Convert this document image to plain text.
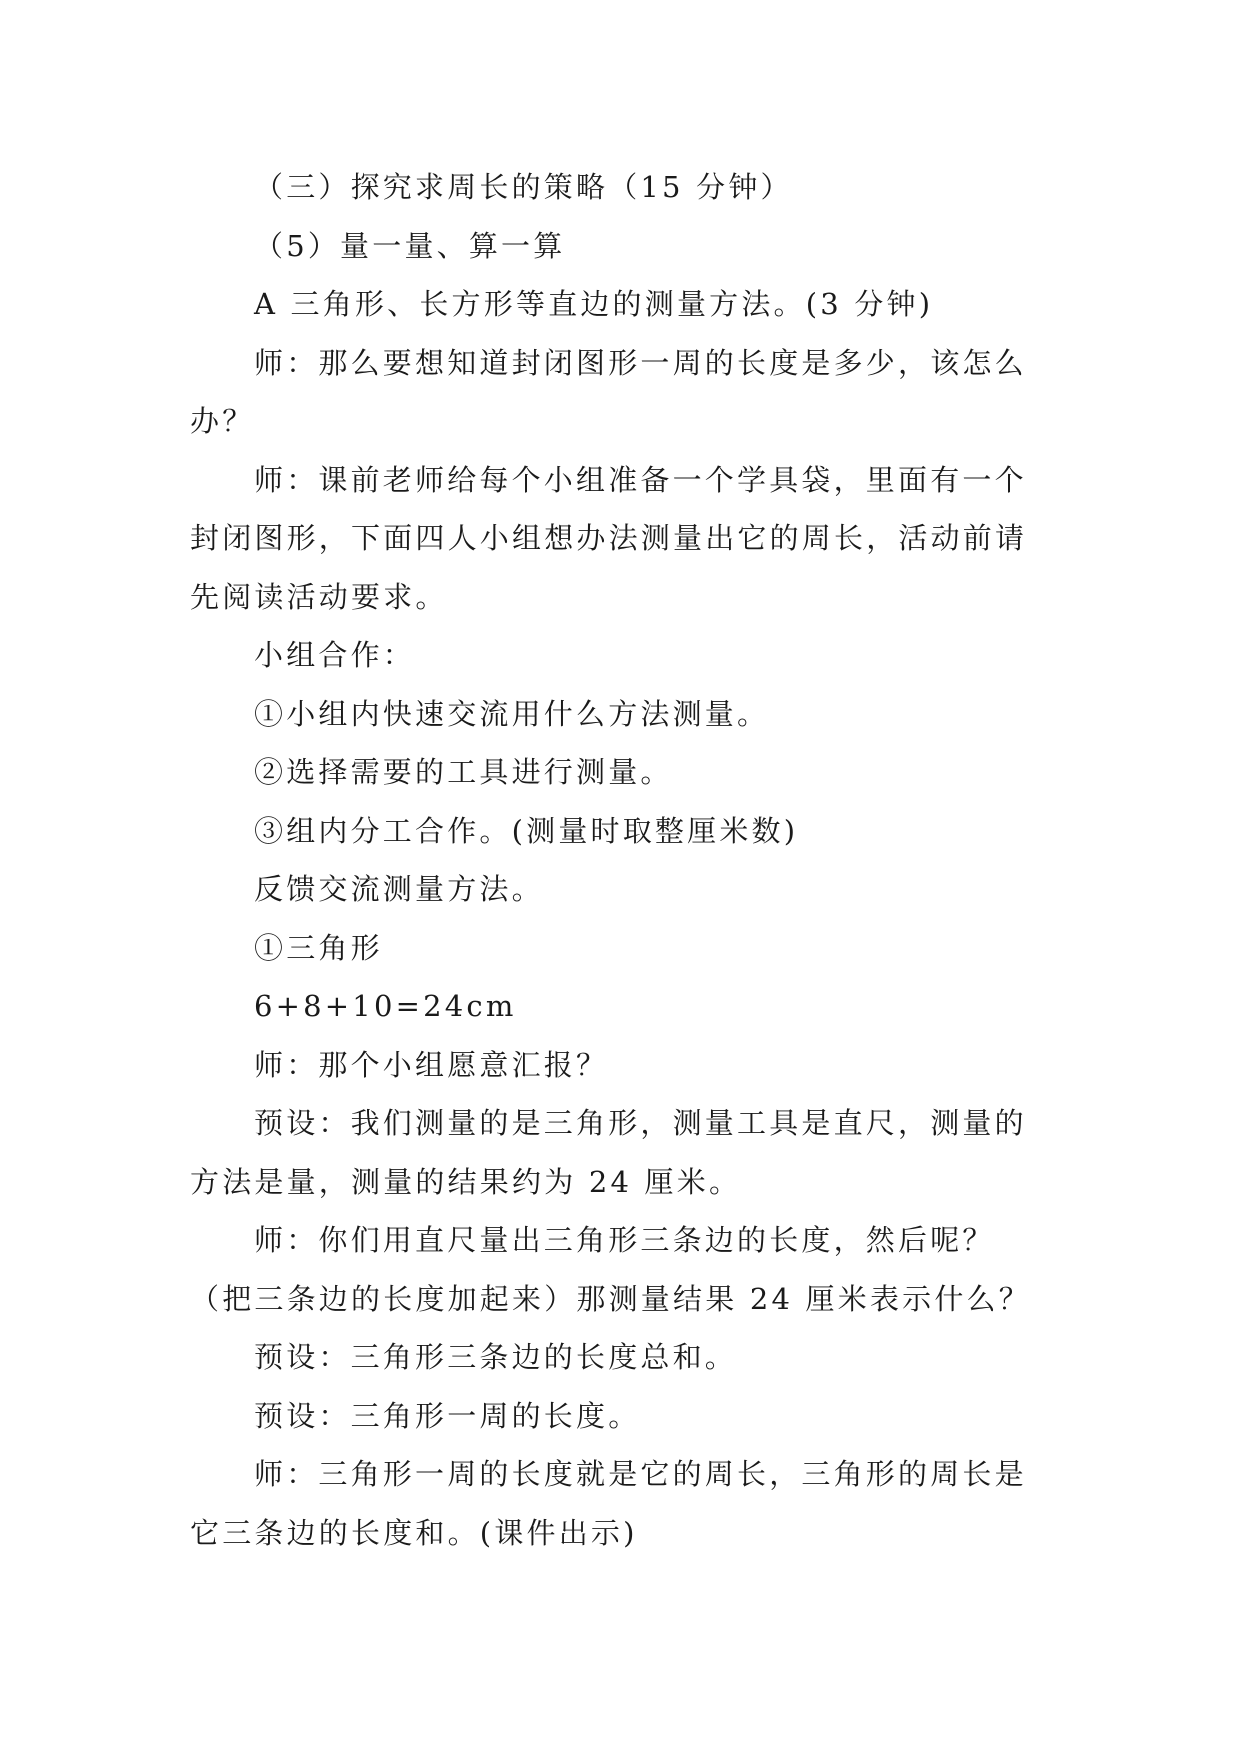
（三）探究求周长的策略（15 分钟）

（5）量一量、算一算

A 三角形、长方形等直边的测量方法。(3 分钟)

师：那么要想知道封闭图形一周的长度是多少，该怎么

办？

师：课前老师给每个小组准备一个学具袋，里面有一个

封闭图形，下面四人小组想办法测量出它的周长，活动前请

先阅读活动要求。

小组合作：

①小组内快速交流用什么方法测量。

②选择需要的工具进行测量。

③组内分工合作。(测量时取整厘米数)

反馈交流测量方法。

①三角形

6+8+10=24cm

师：那个小组愿意汇报？

预设：我们测量的是三角形，测量工具是直尺，测量的

方法是量，测量的结果约为 24 厘米。

师：你们用直尺量出三角形三条边的长度，然后呢？

（把三条边的长度加起来）那测量结果 24 厘米表示什么？

预设：三角形三条边的长度总和。

预设：三角形一周的长度。

师：三角形一周的长度就是它的周长，三角形的周长是

它三条边的长度和。(课件出示)
